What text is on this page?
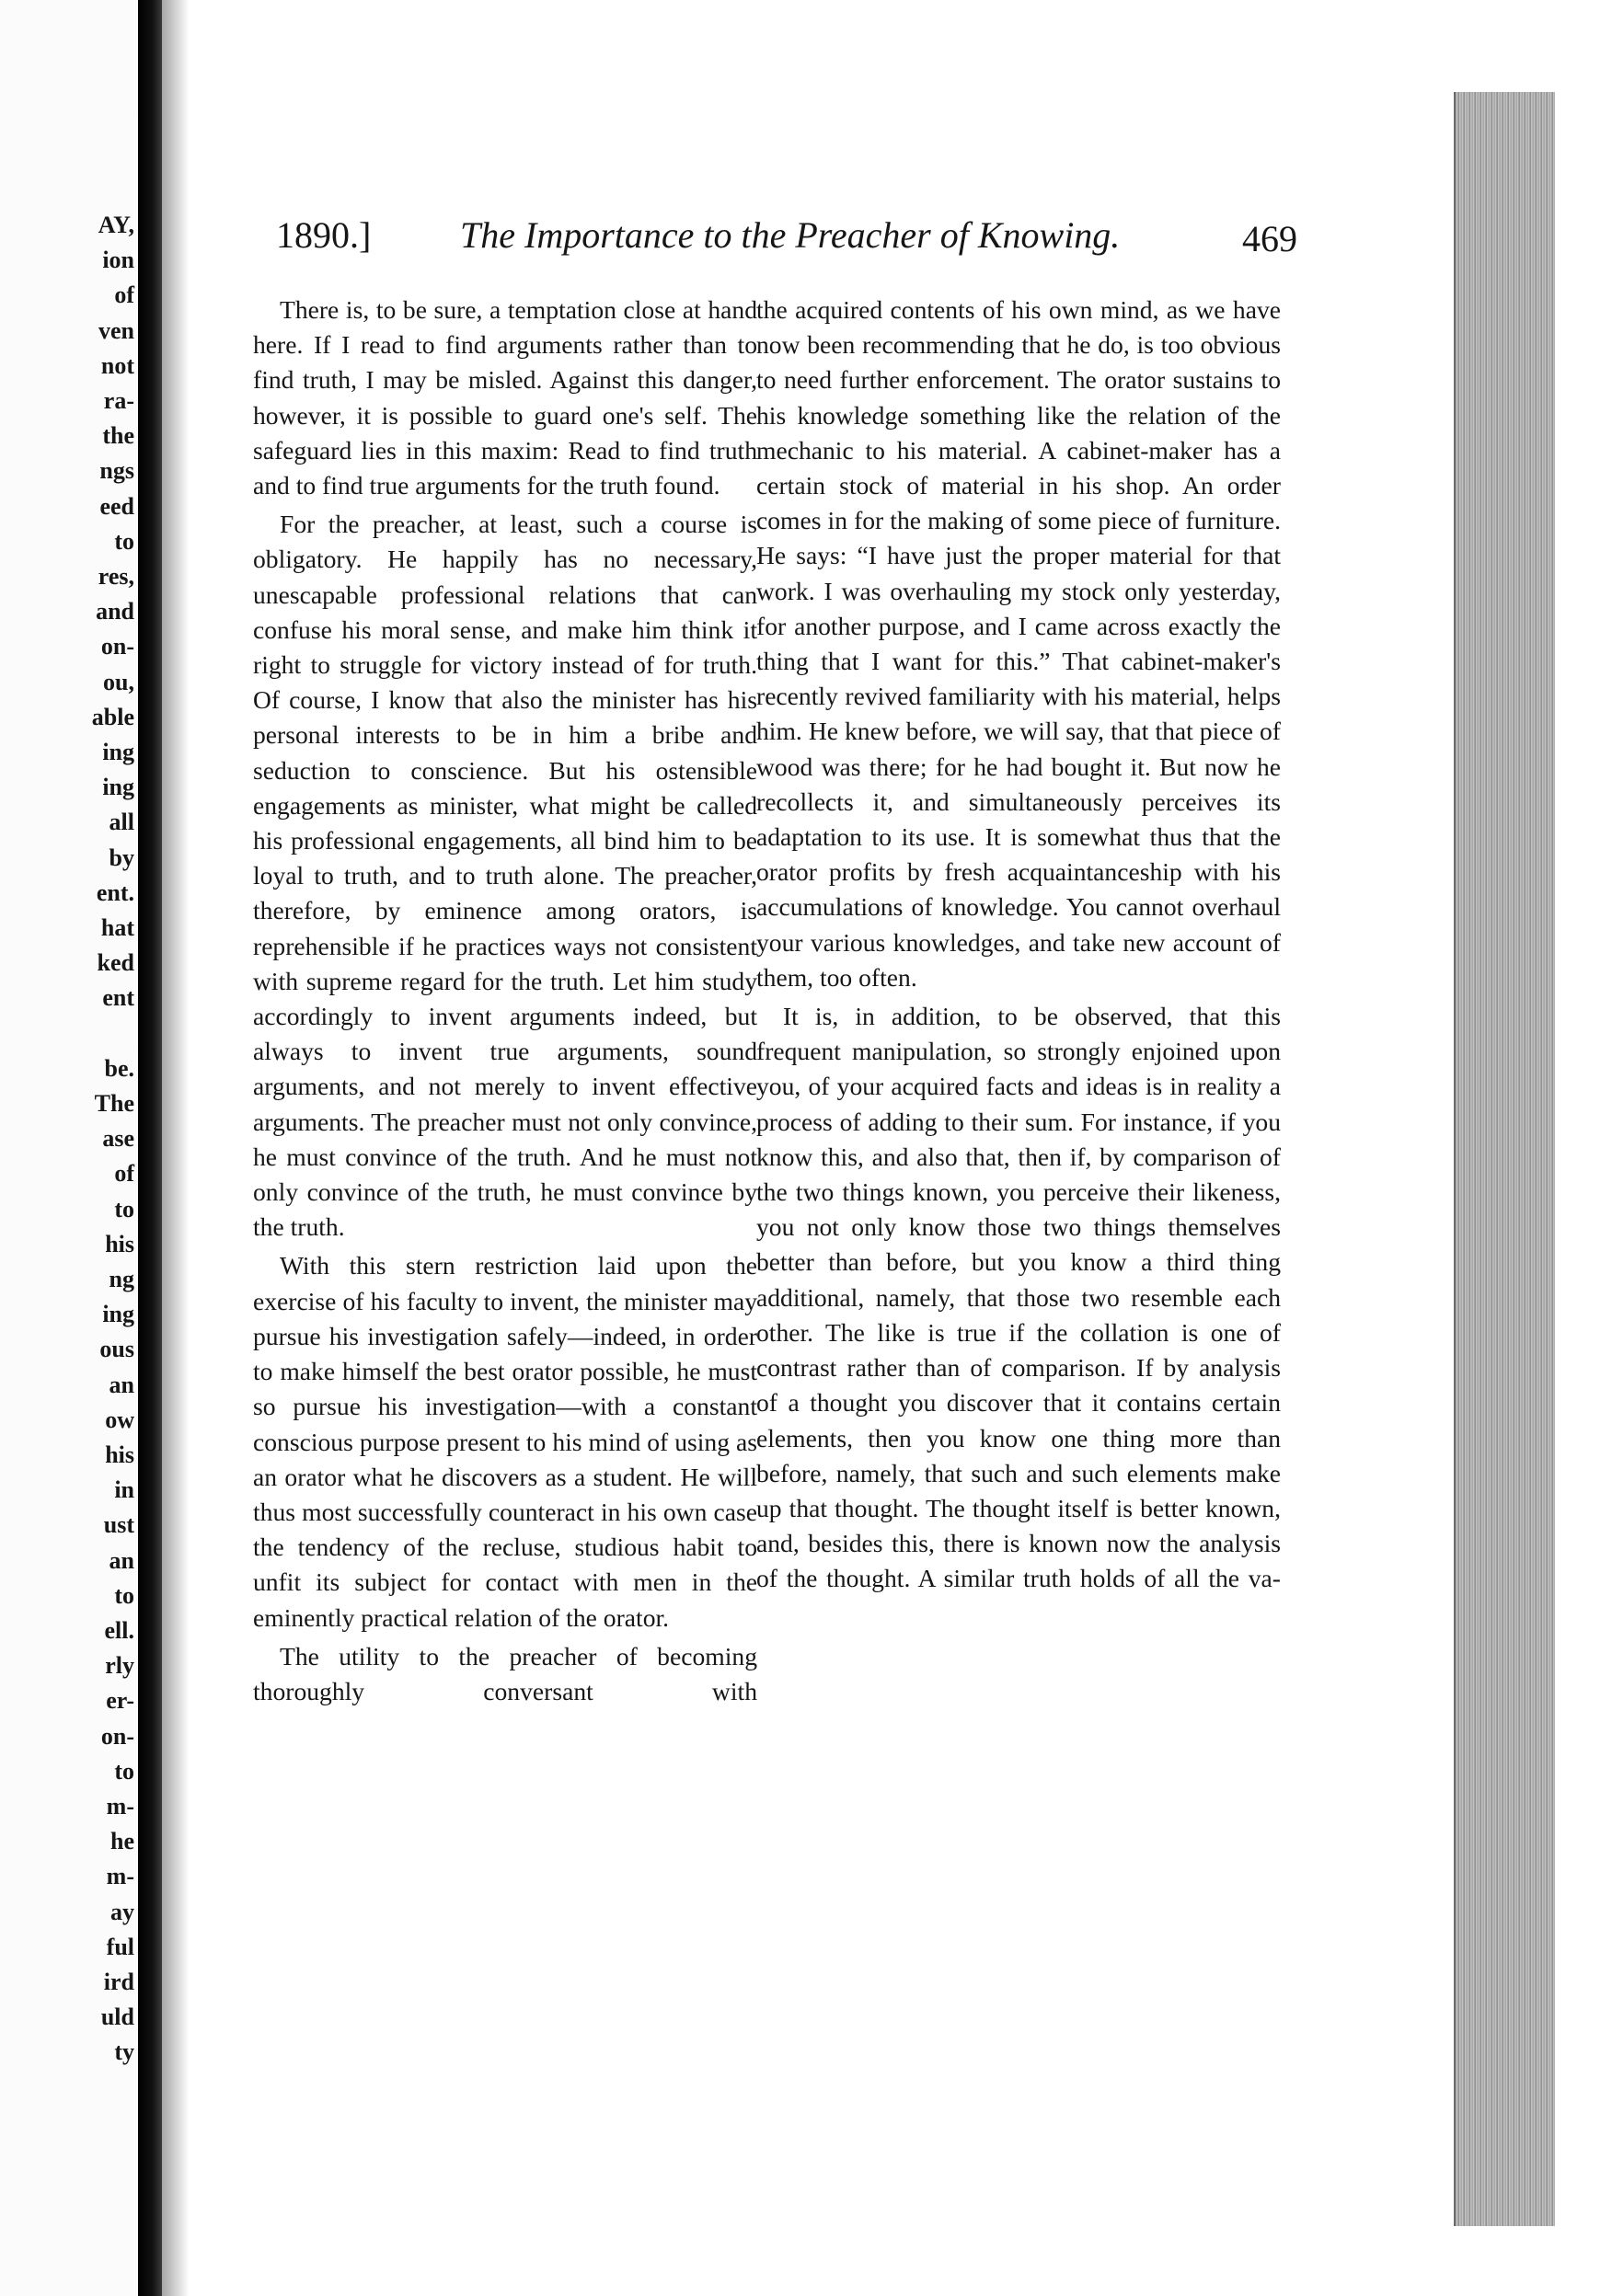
AY,
ion
of
ven
not
ra-
the
ngs
eed
to
res,
and
on-
ou,
able
ing
ing
all
by
ent.
hat
ked
ent
be.
The
ase
of
to
his
ng
ing
ous
an
ow
his
in
ust
an
to
ell.
rly
er-
on-
to
m-
he
m-
ay
ful
ird
uld
ty
1890.] The Importance to the Preacher of Knowing.	469

There is, to be sure, a temptation close at hand here. If I read to find arguments rather than to find truth, I may be misled. Against this danger, however, it is possible to guard one's self. The safeguard lies in this maxim: Read to find truth and to find true arguments for the truth found.

For the preacher, at least, such a course is obligatory. He happily has no necessary, unescapable professional relations that can confuse his moral sense, and make him think it right to struggle for victory instead of for truth. Of course, I know that also the minister has his personal interests to be in him a bribe and seduction to conscience. But his ostensible engagements as minister, what might be called his professional engagements, all bind him to be loyal to truth, and to truth alone. The preacher, therefore, by eminence among orators, is reprehensible if he practices ways not consistent with supreme regard for the truth. Let him study accordingly to invent arguments indeed, but always to invent true arguments, sound arguments, and not merely to invent effective arguments. The preacher must not only convince, he must convince of the truth. And he must not only convince of the truth, he must convince by the truth.

With this stern restriction laid upon the exercise of his faculty to invent, the minister may pursue his investigation safely—indeed, in order to make himself the best orator possible, he must so pursue his investigation—with a constant conscious purpose present to his mind of using as an orator what he discovers as a student. He will thus most successfully counteract in his own case the tendency of the recluse, studious habit to unfit its subject for contact with men in the eminently practical relation of the orator.

The utility to the preacher of becoming thoroughly conversant with

the acquired contents of his own mind, as we have now been recommending that he do, is too obvious to need further enforcement. The orator sustains to his knowledge something like the relation of the mechanic to his material. A cabinet-maker has a certain stock of material in his shop. An order comes in for the making of some piece of furniture. He says: “I have just the proper material for that work. I was overhauling my stock only yesterday, for another purpose, and I came across exactly the thing that I want for this.” That cabinet-maker's recently revived familiarity with his material, helps him. He knew before, we will say, that that piece of wood was there; for he had bought it. But now he recollects it, and simultaneously perceives its adaptation to its use. It is somewhat thus that the orator profits by fresh acquaintanceship with his accumulations of knowledge. You cannot overhaul your various knowledges, and take new account of them, too often.

It is, in addition, to be observed, that this frequent manipulation, so strongly enjoined upon you, of your acquired facts and ideas is in reality a process of adding to their sum. For instance, if you know this, and also that, then if, by comparison of the two things known, you perceive their likeness, you not only know those two things themselves better than before, but you know a third thing additional, namely, that those two resemble each other. The like is true if the collation is one of contrast rather than of comparison. If by analysis of a thought you discover that it contains certain elements, then you know one thing more than before, namely, that such and such elements make up that thought. The thought itself is better known, and, besides this, there is known now the analysis of the thought. A similar truth holds of all the va-
